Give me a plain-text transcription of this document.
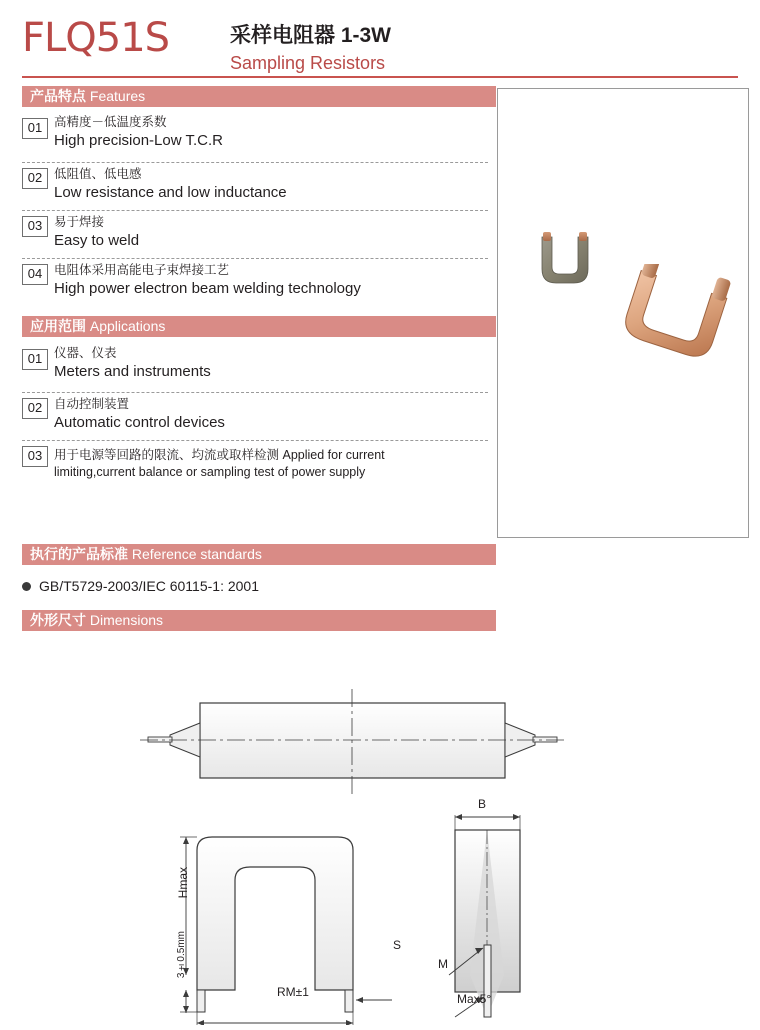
FLQ51S	采样电阻器 1-3W
Sampling Resistors
产品特点 Features
01 高精度－低温度系数
High precision-Low T.C.R
02 低阻值、低电感
Low resistance and low inductance
03 易于焊接
Easy to weld
04 电阻体采用高能电子束焊接工艺
High power electron beam welding technology
应用范围 Applications
01 仪器、仪表
Meters and instruments
02 自动控制装置
Automatic control devices
03 用于电源等回路的限流、均流或取样检测 Applied for current
limiting,current balance or sampling test of power supply
执行的产品标准 Reference standards
GB/T5729-2003/IEC 60115-1: 2001
外形尺寸 Dimensions
Hmax
3±0.5mm	S
RM±1
B
M
Max5°
